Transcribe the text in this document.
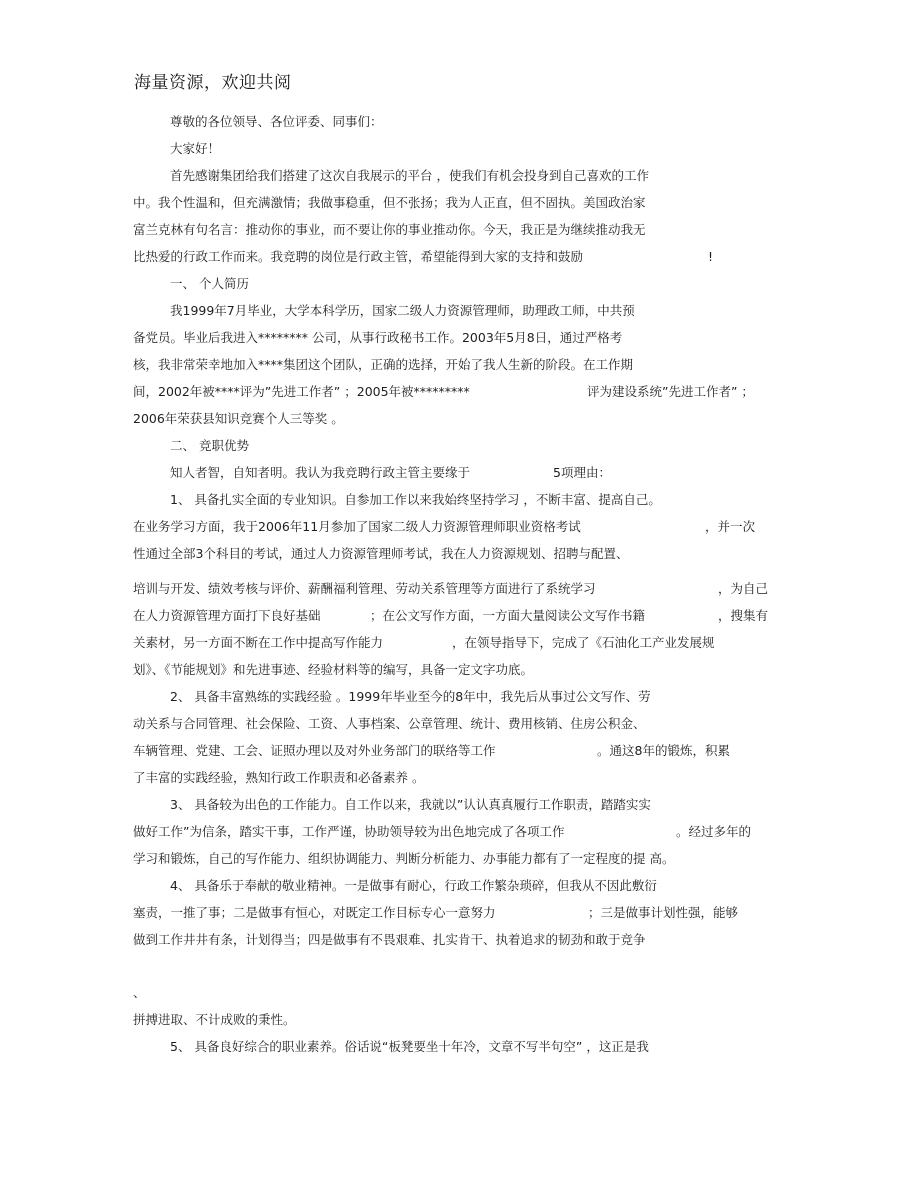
海量资源，欢迎共阅
尊敬的各位领导、各位评委、同事们：
大家好！
首先感谢集团给我们搭建了这次自我展示的平台 ，使我们有机会投身到自己喜欢的工作
中。我个性温和，但充满激情；我做事稳重，但不张扬；我为人正直，但不固执。美国政治家
富兰克林有句名言：推动你的事业，而不要让你的事业推动你。今天，我正是为继续推动我无
比热爱的行政工作而来。我竞聘的岗位是行政主管，希望能得到大家的支持和鼓励	!
一、 个人简历
我1999年7月毕业，大学本科学历，国家二级人力资源管理师，助理政工师，中共预
备党员。毕业后我进入******** 公司，从事行政秘书工作。2003年5月8日，通过严格考
核，我非常荣幸地加入****集团这个团队，正确的选择，开始了我人生新的阶段。在工作期
间，2002年被****评为”先进工作者” ；2005年被*********	评为建设系统”先进工作者” ；
2006年荣获县知识竞赛个人三等奖 。
二、 竞职优势
知人者智，自知者明。我认为我竞聘行政主管主要缘于	5项理由：
1、 具备扎实全面的专业知识。自参加工作以来我始终坚持学习 ，不断丰富、提高自己。
在业务学习方面，我于2006年11月参加了国家二级人力资源管理师职业资格考试	，并一次
性通过全部3个科目的考试，通过人力资源管理师考试，我在人力资源规划、招聘与配置、
培训与开发、绩效考核与评价、薪酬福利管理、劳动关系管理等方面进行了系统学习	，为自己
在人力资源管理方面打下良好基础	；在公文写作方面，一方面大量阅读公文写作书籍	，搜集有
关素材，另一方面不断在工作中提高写作能力	，在领导指导下，完成了《石油化工产业发展规
划》、《节能规划》和先进事迹、经验材料等的编写，具备一定文字功底。
2、 具备丰富熟练的实践经验 。1999年毕业至今的8年中，我先后从事过公文写作、劳
动关系与合同管理、社会保险、工资、人事档案、公章管理、统计、费用核销、住房公积金、
车辆管理、党建、工会、证照办理以及对外业务部门的联络等工作	。通这8年的锻炼，积累
了丰富的实践经验，熟知行政工作职责和必备素养 。
3、 具备较为出色的工作能力。自工作以来，我就以”认认真真履行工作职责，踏踏实实
做好工作”为信条，踏实干事，工作严谨，协助领导较为出色地完成了各项工作	。经过多年的
学习和锻炼，自己的写作能力、组织协调能力、判断分析能力、办事能力都有了一定程度的提 高。
4、 具备乐于奉献的敬业精神。一是做事有耐心，行政工作繁杂琐碎，但我从不因此敷衍
塞责，一推了事；二是做事有恒心，对既定工作目标专心一意努力	；三是做事计划性强，能够
做到工作井井有条，计划得当；四是做事有不畏艰难、扎实肯干、执着追求的韧劲和敢于竞争
、
拼搏进取、不计成败的秉性。
5、 具备良好综合的职业素养。俗话说“板凳要坐十年冷，文章不写半句空” ，这正是我
